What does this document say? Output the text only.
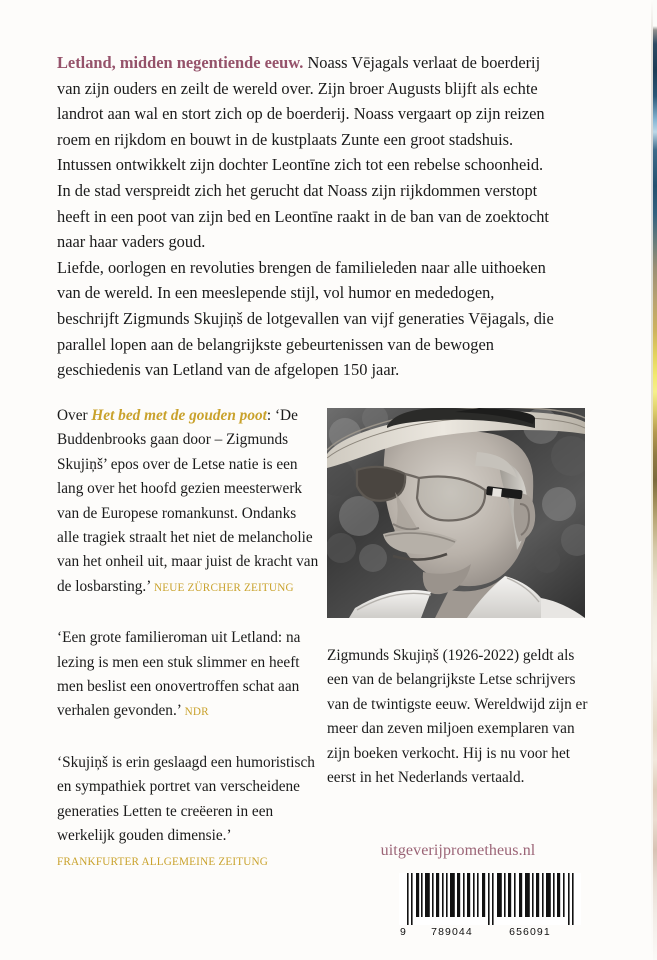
Letland, midden negentiende eeuw. Noass Vējagals verlaat de boerderij van zijn ouders en zeilt de wereld over. Zijn broer Augusts blijft als echte landrot aan wal en stort zich op de boerderij. Noass vergaart op zijn reizen roem en rijkdom en bouwt in de kustplaats Zunte een groot stadshuis.

Intussen ontwikkelt zijn dochter Leontīne zich tot een rebelse schoonheid. In de stad verspreidt zich het gerucht dat Noass zijn rijkdommen verstopt heeft in een poot van zijn bed en Leontīne raakt in de ban van de zoektocht naar haar vaders goud.

Liefde, oorlogen en revoluties brengen de familieleden naar alle uithoeken van de wereld. In een meeslepende stijl, vol humor en mededogen, beschrijft Zigmunds Skujiņš de lotgevallen van vijf generaties Vējagals, die parallel lopen aan de belangrijkste gebeurtenissen van de bewogen geschiedenis van Letland van de afgelopen 150 jaar.

Over Het bed met de gouden poot: ‘De Buddenbrooks gaan door – Zigmunds Skujiņš’ epos over de Letse natie is een lang over het hoofd gezien meesterwerk van de Europese romankunst. Ondanks alle tragiek straalt het niet de melancholie van het onheil uit, maar juist de kracht van de losbarsting.’ NEUE ZÜRCHER ZEITUNG
‘Een grote familieroman uit Letland: na lezing is men een stuk slimmer en heeft men beslist een onovertroffen schat aan verhalen gevonden.’ NDR
‘Skujiņš is erin geslaagd een humoristisch en sympathiek portret van verscheidene generaties Letten te creëeren in een werkelijk gouden dimensie.’
FRANKFURTER ALLGEMEINE ZEITUNG

Zigmunds Skujiņš (1926-2022) geldt als een van de belangrijkste Letse schrijvers van de twintigste eeuw. Wereldwijd zijn er meer dan zeven miljoen exemplaren van zijn boeken verkocht. Hij is nu voor het eerst in het Nederlands vertaald.

uitgeverijprometheus.nl
9	789044	656091
